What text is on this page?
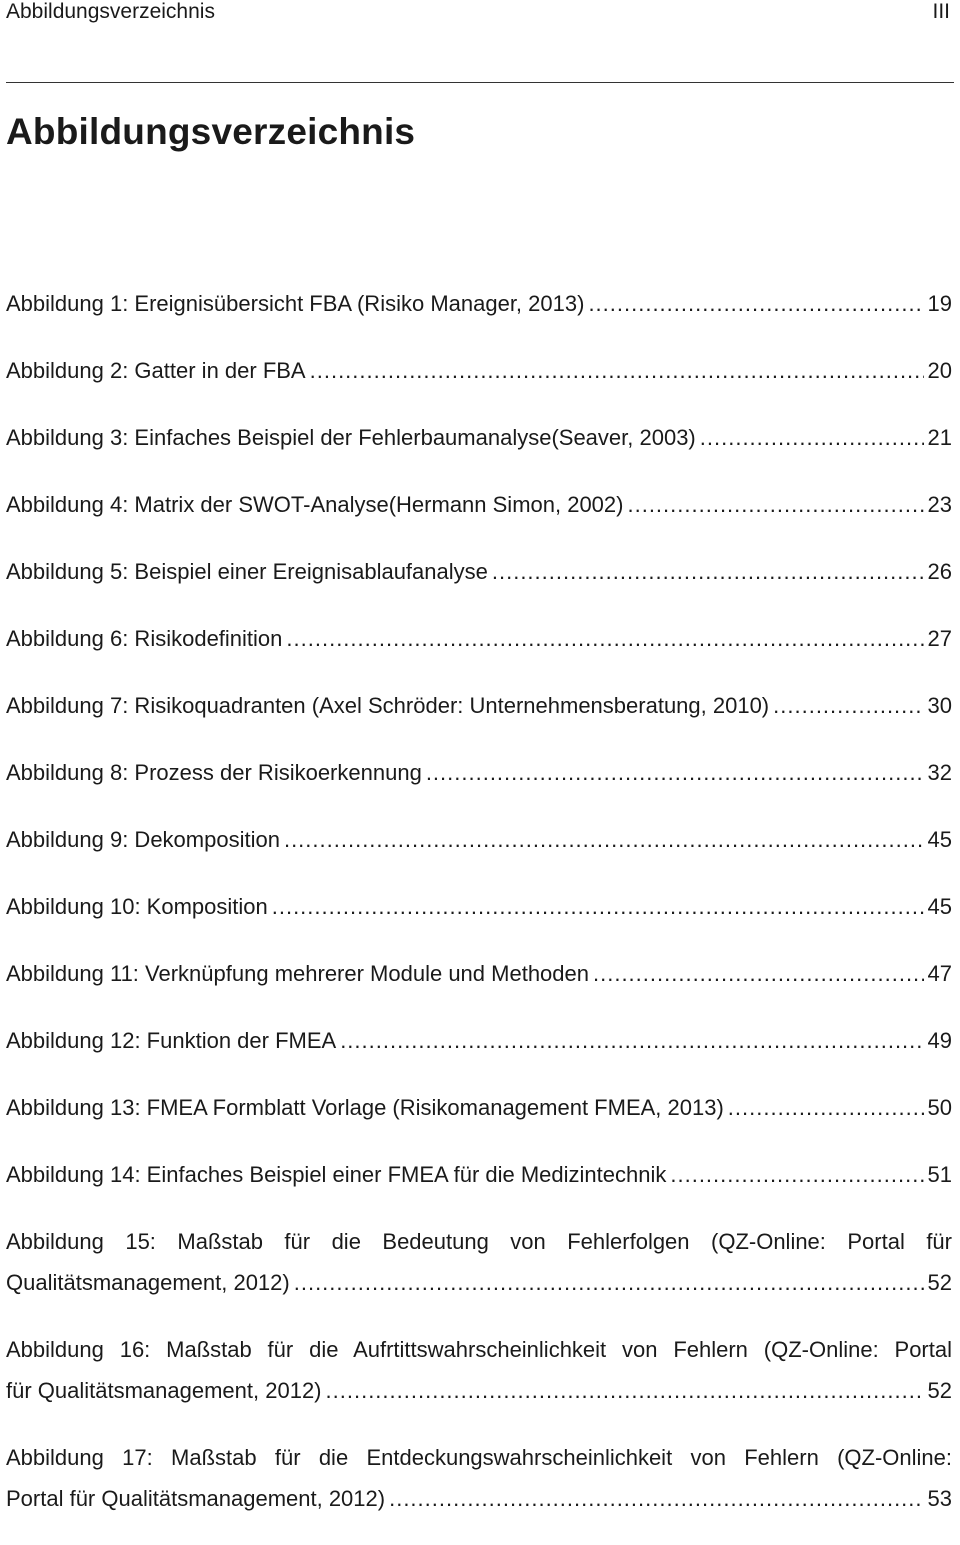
Abbildungsverzeichnis	III
Abbildungsverzeichnis
Abbildung 1: Ereignisübersicht FBA (Risiko Manager, 2013) .....	19
Abbildung 2: Gatter in der FBA .....	20
Abbildung 3: Einfaches Beispiel der Fehlerbaumanalyse(Seaver, 2003) .....	21
Abbildung 4: Matrix der SWOT-Analyse(Hermann Simon, 2002) .....	23
Abbildung 5: Beispiel einer Ereignisablaufanalyse .....	26
Abbildung 6: Risikodefinition .....	27
Abbildung 7: Risikoquadranten (Axel Schröder: Unternehmensberatung, 2010) .....	30
Abbildung 8: Prozess der Risikoerkennung .....	32
Abbildung 9: Dekomposition .....	45
Abbildung 10: Komposition .....	45
Abbildung 11: Verknüpfung mehrerer Module und Methoden .....	47
Abbildung 12: Funktion der FMEA .....	49
Abbildung 13: FMEA Formblatt Vorlage (Risikomanagement FMEA, 2013) .....	50
Abbildung 14: Einfaches Beispiel einer FMEA für die Medizintechnik .....	51
Abbildung 15: Maßstab für die Bedeutung von Fehlerfolgen (QZ-Online: Portal für
Qualitätsmanagement, 2012) .....	52
Abbildung 16: Maßstab für die Aufrtittswahrscheinlichkeit von Fehlern (QZ-Online: Portal
für Qualitätsmanagement, 2012) .....	52
Abbildung 17: Maßstab für die Entdeckungswahrscheinlichkeit von Fehlern (QZ-Online:
Portal für Qualitätsmanagement, 2012) .....	53
